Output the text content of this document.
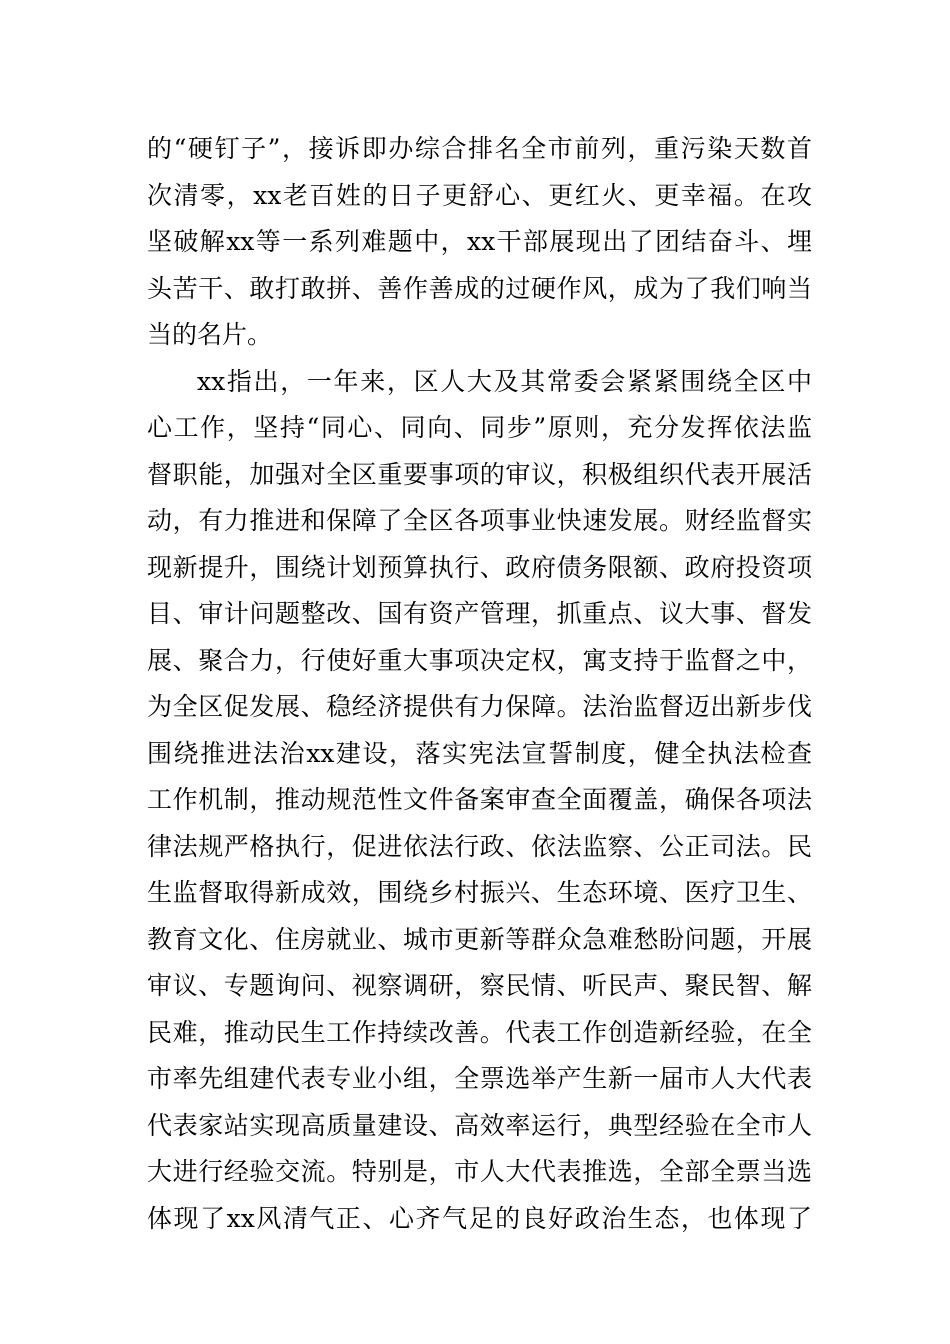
的“硬钉子”，接诉即办综合排名全市前列，重污染天数首
次清零，xx老百姓的日子更舒心、更红火、更幸福。在攻
坚破解xx等一系列难题中，xx干部展现出了团结奋斗、埋
头苦干、敢打敢拼、善作善成的过硬作风，成为了我们响当
当的名片。
xx指出，一年来，区人大及其常委会紧紧围绕全区中
心工作，坚持“同心、同向、同步”原则，充分发挥依法监
督职能，加强对全区重要事项的审议，积极组织代表开展活
动，有力推进和保障了全区各项事业快速发展。财经监督实
现新提升，围绕计划预算执行、政府债务限额、政府投资项
目、审计问题整改、国有资产管理，抓重点、议大事、督发
展、聚合力，行使好重大事项决定权，寓支持于监督之中，
为全区促发展、稳经济提供有力保障。法治监督迈出新步伐
围绕推进法治xx建设，落实宪法宣誓制度，健全执法检查
工作机制，推动规范性文件备案审查全面覆盖，确保各项法
律法规严格执行，促进依法行政、依法监察、公正司法。民
生监督取得新成效，围绕乡村振兴、生态环境、医疗卫生、
教育文化、住房就业、城市更新等群众急难愁盼问题，开展
审议、专题询问、视察调研，察民情、听民声、聚民智、解
民难，推动民生工作持续改善。代表工作创造新经验，在全
市率先组建代表专业小组，全票选举产生新一届市人大代表
代表家站实现高质量建设、高效率运行，典型经验在全市人
大进行经验交流。特别是，市人大代表推选，全部全票当选
体现了xx风清气正、心齐气足的良好政治生态，也体现了
